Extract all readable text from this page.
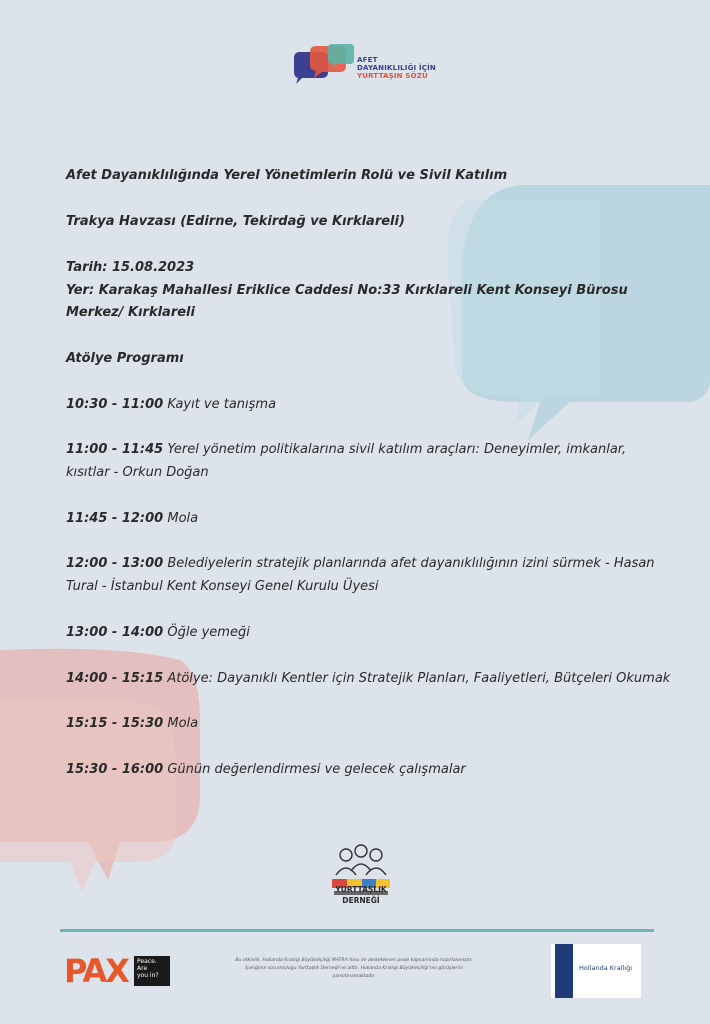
AFET
DAYANIKLILIĞI İÇİN
YURTTAŞIN SÖZÜ
Afet Dayanıklılığında Yerel Yönetimlerin Rolü ve Sivil Katılım
Trakya Havzası (Edirne, Tekirdağ ve Kırklareli)
Tarih: 15.08.2023
Yer: Karakaş Mahallesi Eriklice Caddesi No:33 Kırklareli Kent Konseyi Bürosu
Merkez/ Kırklareli
Atölye Programı
10:30 - 11:00 Kayıt ve tanışma
11:00 - 11:45 Yerel yönetim politikalarına sivil katılım araçları: Deneyimler, imkanlar,
kısıtlar - Orkun Doğan
11:45 - 12:00 Mola
12:00 - 13:00 Belediyelerin stratejik planlarında afet dayanıklılığının izini sürmek - Hasan
Tural - İstanbul Kent Konseyi Genel Kurulu Üyesi
13:00 - 14:00 Öğle yemeği
14:00 - 15:15 Atölye: Dayanıklı Kentler için Stratejik Planları, Faaliyetleri, Bütçeleri Okumak
15:15 - 15:30 Mola
15:30 - 16:00 Günün değerlendirmesi ve gelecek çalışmalar
YURTTAŞLIK
DERNEĞİ
PAX Peace.
Are
you in?
Bu etkinlik, Hollanda Krallığı Büyükelçiliği MATRA fonu ile desteklenen proje kapsamında hazırlanmıştır.
İçeriğinin sorumluluğu Yurttaşlık Derneği'ne aittir. Hollanda Krallığı Büyükelçiliği'nin görüşlerini
yansıtmamaktadır.
Hollanda Krallığı
